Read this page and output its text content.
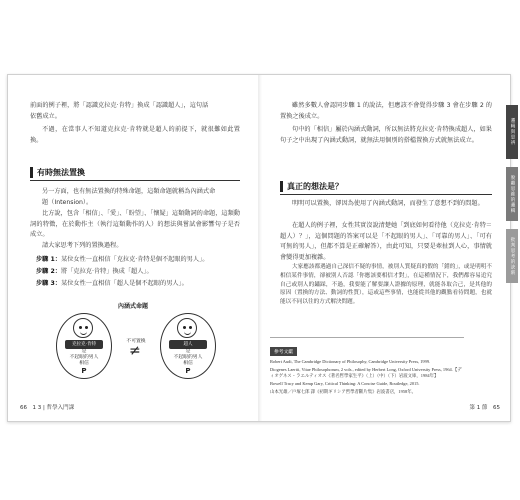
前面的例子裡，將「認識克拉克‧肯特」換成「認識超人」，這句話
依舊成立。
不過，在當事人不知道克拉克‧肯特就是超人的前提下，就很難如此置換。
有時無法置換
另一方面，也有無法置換的特殊命題，這類命題就稱為內涵式命
題（Intension）。
比方說，包含「相信」、「愛」、「盼望」、「懷疑」這類動詞的命題，這類動詞的特徵，在於動作主（執行這類動作的人）的想法與嘗試會影響句子是否成立。
請大家思考下列的置換過程。
步驟 1：某位女性一直相信「克拉克‧肯特是個不起眼的男人」。
步驟 2：將「克拉克‧肯特」換成「超人」。
步驟 3：某位女性一直相信「超人是個不起眼的男人」。
內涵式命題
克拉克‧肯特
是
不起眼的男人
相信
P
不可置換
≠	超人
是
不起眼的男人
相信
P
66　1 3 | 哲學入門課
雖然多數人會認同步驟 1 的說法，但應該不會覺得步驟 3 會在步驟 2 的置換之後成立。
句中的「相信」屬於內涵式動詞，所以無法將克拉克‧肯特換成超人，如果句子之中出現了內涵式動詞，就無法用個別的搭檔置換方式就無法成立。
真正的想法是？
明明可以置換，卻因為使用了內涵式動詞，而發生了意想不到的問題。
在超人的例子裡，女性其實沒說清楚她「到底如何看待他（克拉克‧肯特＝超人）？」，這個問題的答案可以是「不起眼的男人」、「可靠的男人」、「可有可無的男人」，但都不算是正確解答），由此可知，只要是牽扯到人心，事情就會變得更加複雜。
大家應該都遇過自己深信不疑的事情，被別人質疑真的假的「錯的」，或是明明不相信某件事情，卻被別人否認「你應該要相信才對」，在這種情況下，我們都容易追究自己或別人的鏽踩，不過，我要能了解要讓人證據的原理，就能各取合己，是其他的原因（置換的方法、動詞的性質），這或這些事情，也能從其他的觀點看待問題，也就能以不同以往的方式解決問題。
參考文獻
Robert Audi, The Cambridge Dictionary of Philosophy, Cambridge University Press, 1999.
Diogenes Laertii, Vitae Philosophorum, 2 vols., edited by Herbert Long, Oxford University Press, 1964.【ディオゲネス・ラエルティオス《著名哲學家生平》（上）（中）（下）岩波文庫，1984年】
Bowell Tracy and Kemp Gary, Critical Thinking: A Concise Guide, Routledge, 2015.
山本光雄／戶塚七郎 譯《初期ギリシア哲學者斷片集》岩波書店，1958年。
第 1 節　65
邏輯與思辨
脫離思維的邏輯
批判思考的訣竅
